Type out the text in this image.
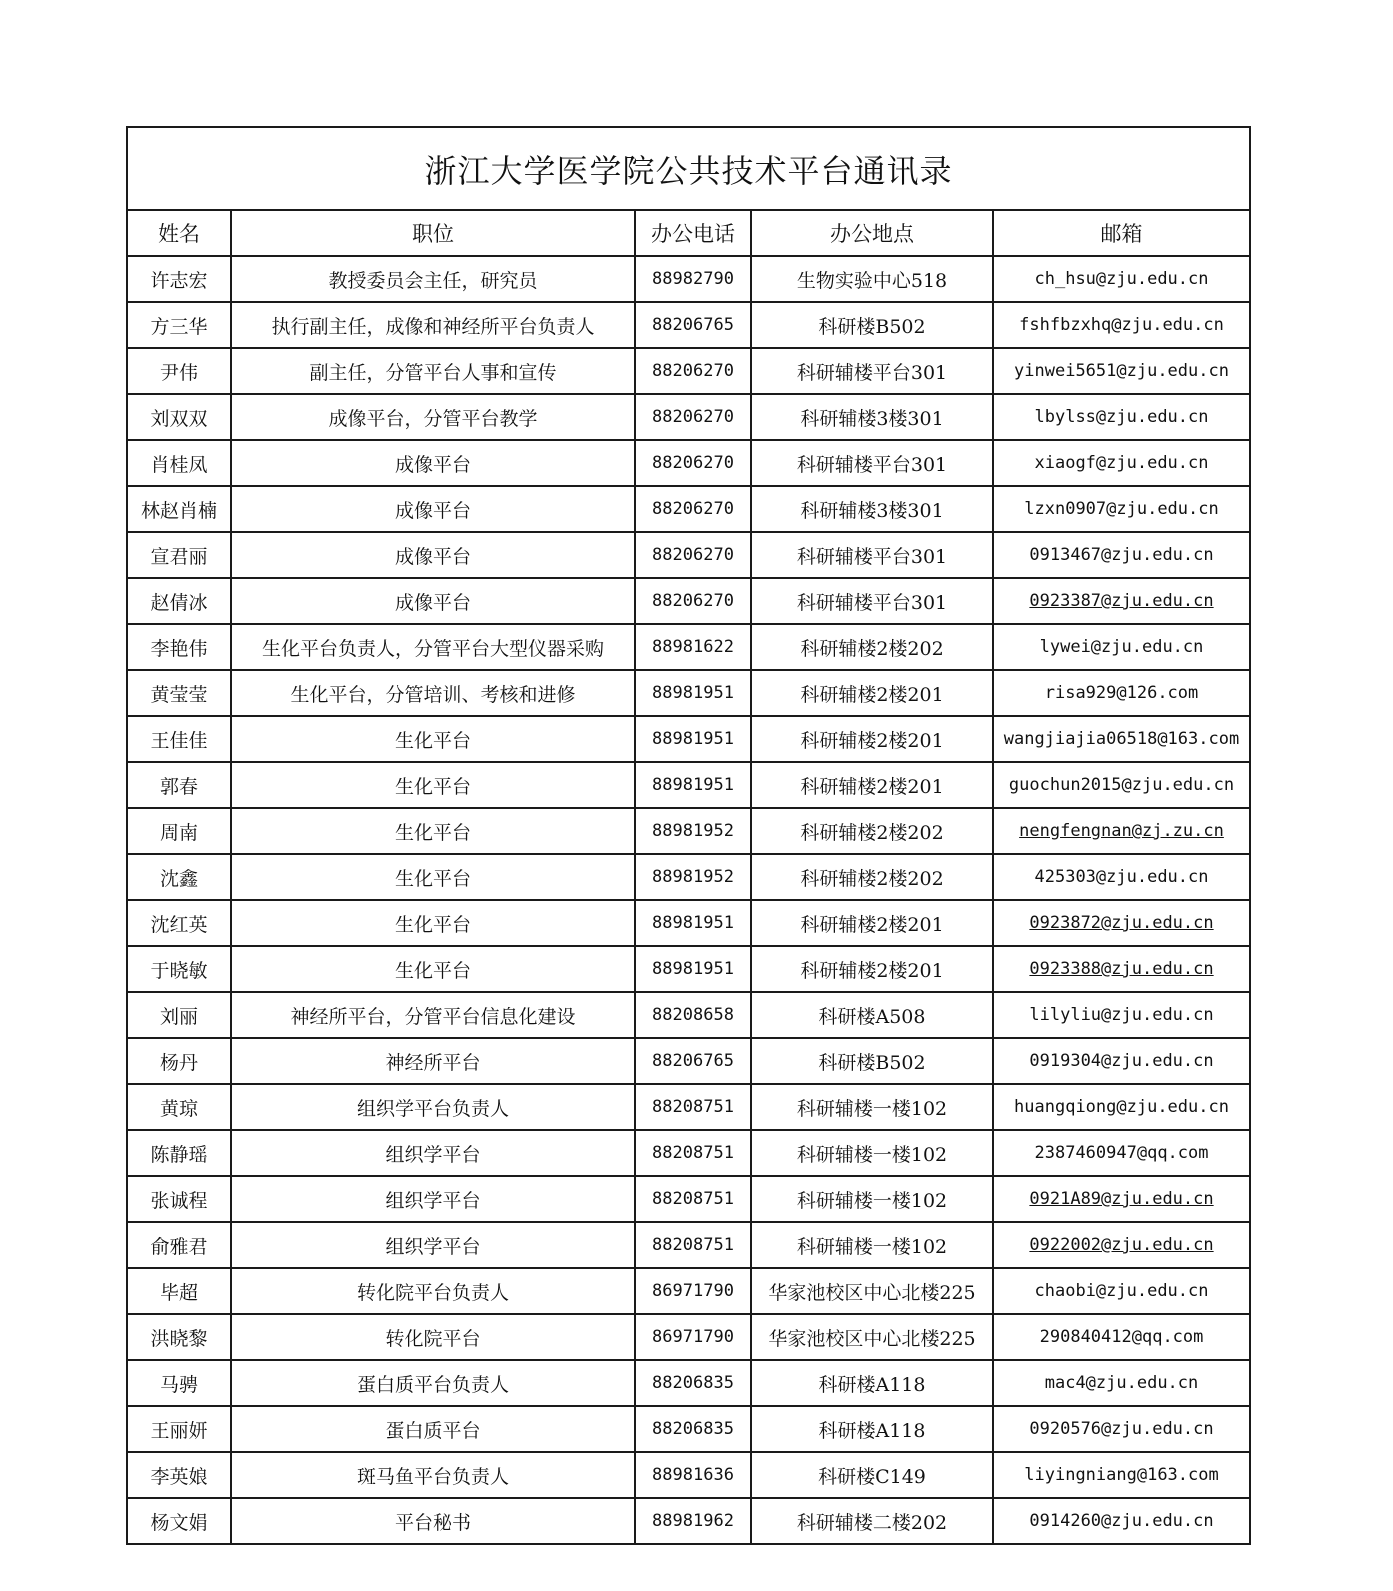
浙江大学医学院公共技术平台通讯录				
姓名	职位	办公电话	办公地点	邮箱
许志宏	教授委员会主任，研究员	88982790	生物实验中心518	ch_hsu@zju.edu.cn
方三华	执行副主任，成像和神经所平台负责人	88206765	科研楼B502	fshfbzxhq@zju.edu.cn
尹伟	副主任，分管平台人事和宣传	88206270	科研辅楼平台301	yinwei5651@zju.edu.cn
刘双双	成像平台，分管平台教学	88206270	科研辅楼3楼301	lbylss@zju.edu.cn
肖桂凤	成像平台	88206270	科研辅楼平台301	xiaogf@zju.edu.cn
林赵肖楠	成像平台	88206270	科研辅楼3楼301	lzxn0907@zju.edu.cn
宣君丽	成像平台	88206270	科研辅楼平台301	0913467@zju.edu.cn
赵倩冰	成像平台	88206270	科研辅楼平台301	0923387@zju.edu.cn
李艳伟	生化平台负责人，分管平台大型仪器采购	88981622	科研辅楼2楼202	lywei@zju.edu.cn
黄莹莹	生化平台，分管培训、考核和进修	88981951	科研辅楼2楼201	risa929@126.com
王佳佳	生化平台	88981951	科研辅楼2楼201	wangjiajia06518@163.com
郭春	生化平台	88981951	科研辅楼2楼201	guochun2015@zju.edu.cn
周南	生化平台	88981952	科研辅楼2楼202	nengfengnan@zj.zu.cn
沈鑫	生化平台	88981952	科研辅楼2楼202	425303@zju.edu.cn
沈红英	生化平台	88981951	科研辅楼2楼201	0923872@zju.edu.cn
于晓敏	生化平台	88981951	科研辅楼2楼201	0923388@zju.edu.cn
刘丽	神经所平台，分管平台信息化建设	88208658	科研楼A508	lilyliu@zju.edu.cn
杨丹	神经所平台	88206765	科研楼B502	0919304@zju.edu.cn
黄琼	组织学平台负责人	88208751	科研辅楼一楼102	huangqiong@zju.edu.cn
陈静瑶	组织学平台	88208751	科研辅楼一楼102	2387460947@qq.com
张诚程	组织学平台	88208751	科研辅楼一楼102	0921A89@zju.edu.cn
俞雅君	组织学平台	88208751	科研辅楼一楼102	0922002@zju.edu.cn
毕超	转化院平台负责人	86971790	华家池校区中心北楼225	chaobi@zju.edu.cn
洪晓黎	转化院平台	86971790	华家池校区中心北楼225	290840412@qq.com
马骋	蛋白质平台负责人	88206835	科研楼A118	mac4@zju.edu.cn
王丽妍	蛋白质平台	88206835	科研楼A118	0920576@zju.edu.cn
李英娘	斑马鱼平台负责人	88981636	科研楼C149	liyingniang@163.com
杨文娟	平台秘书	88981962	科研辅楼二楼202	0914260@zju.edu.cn
